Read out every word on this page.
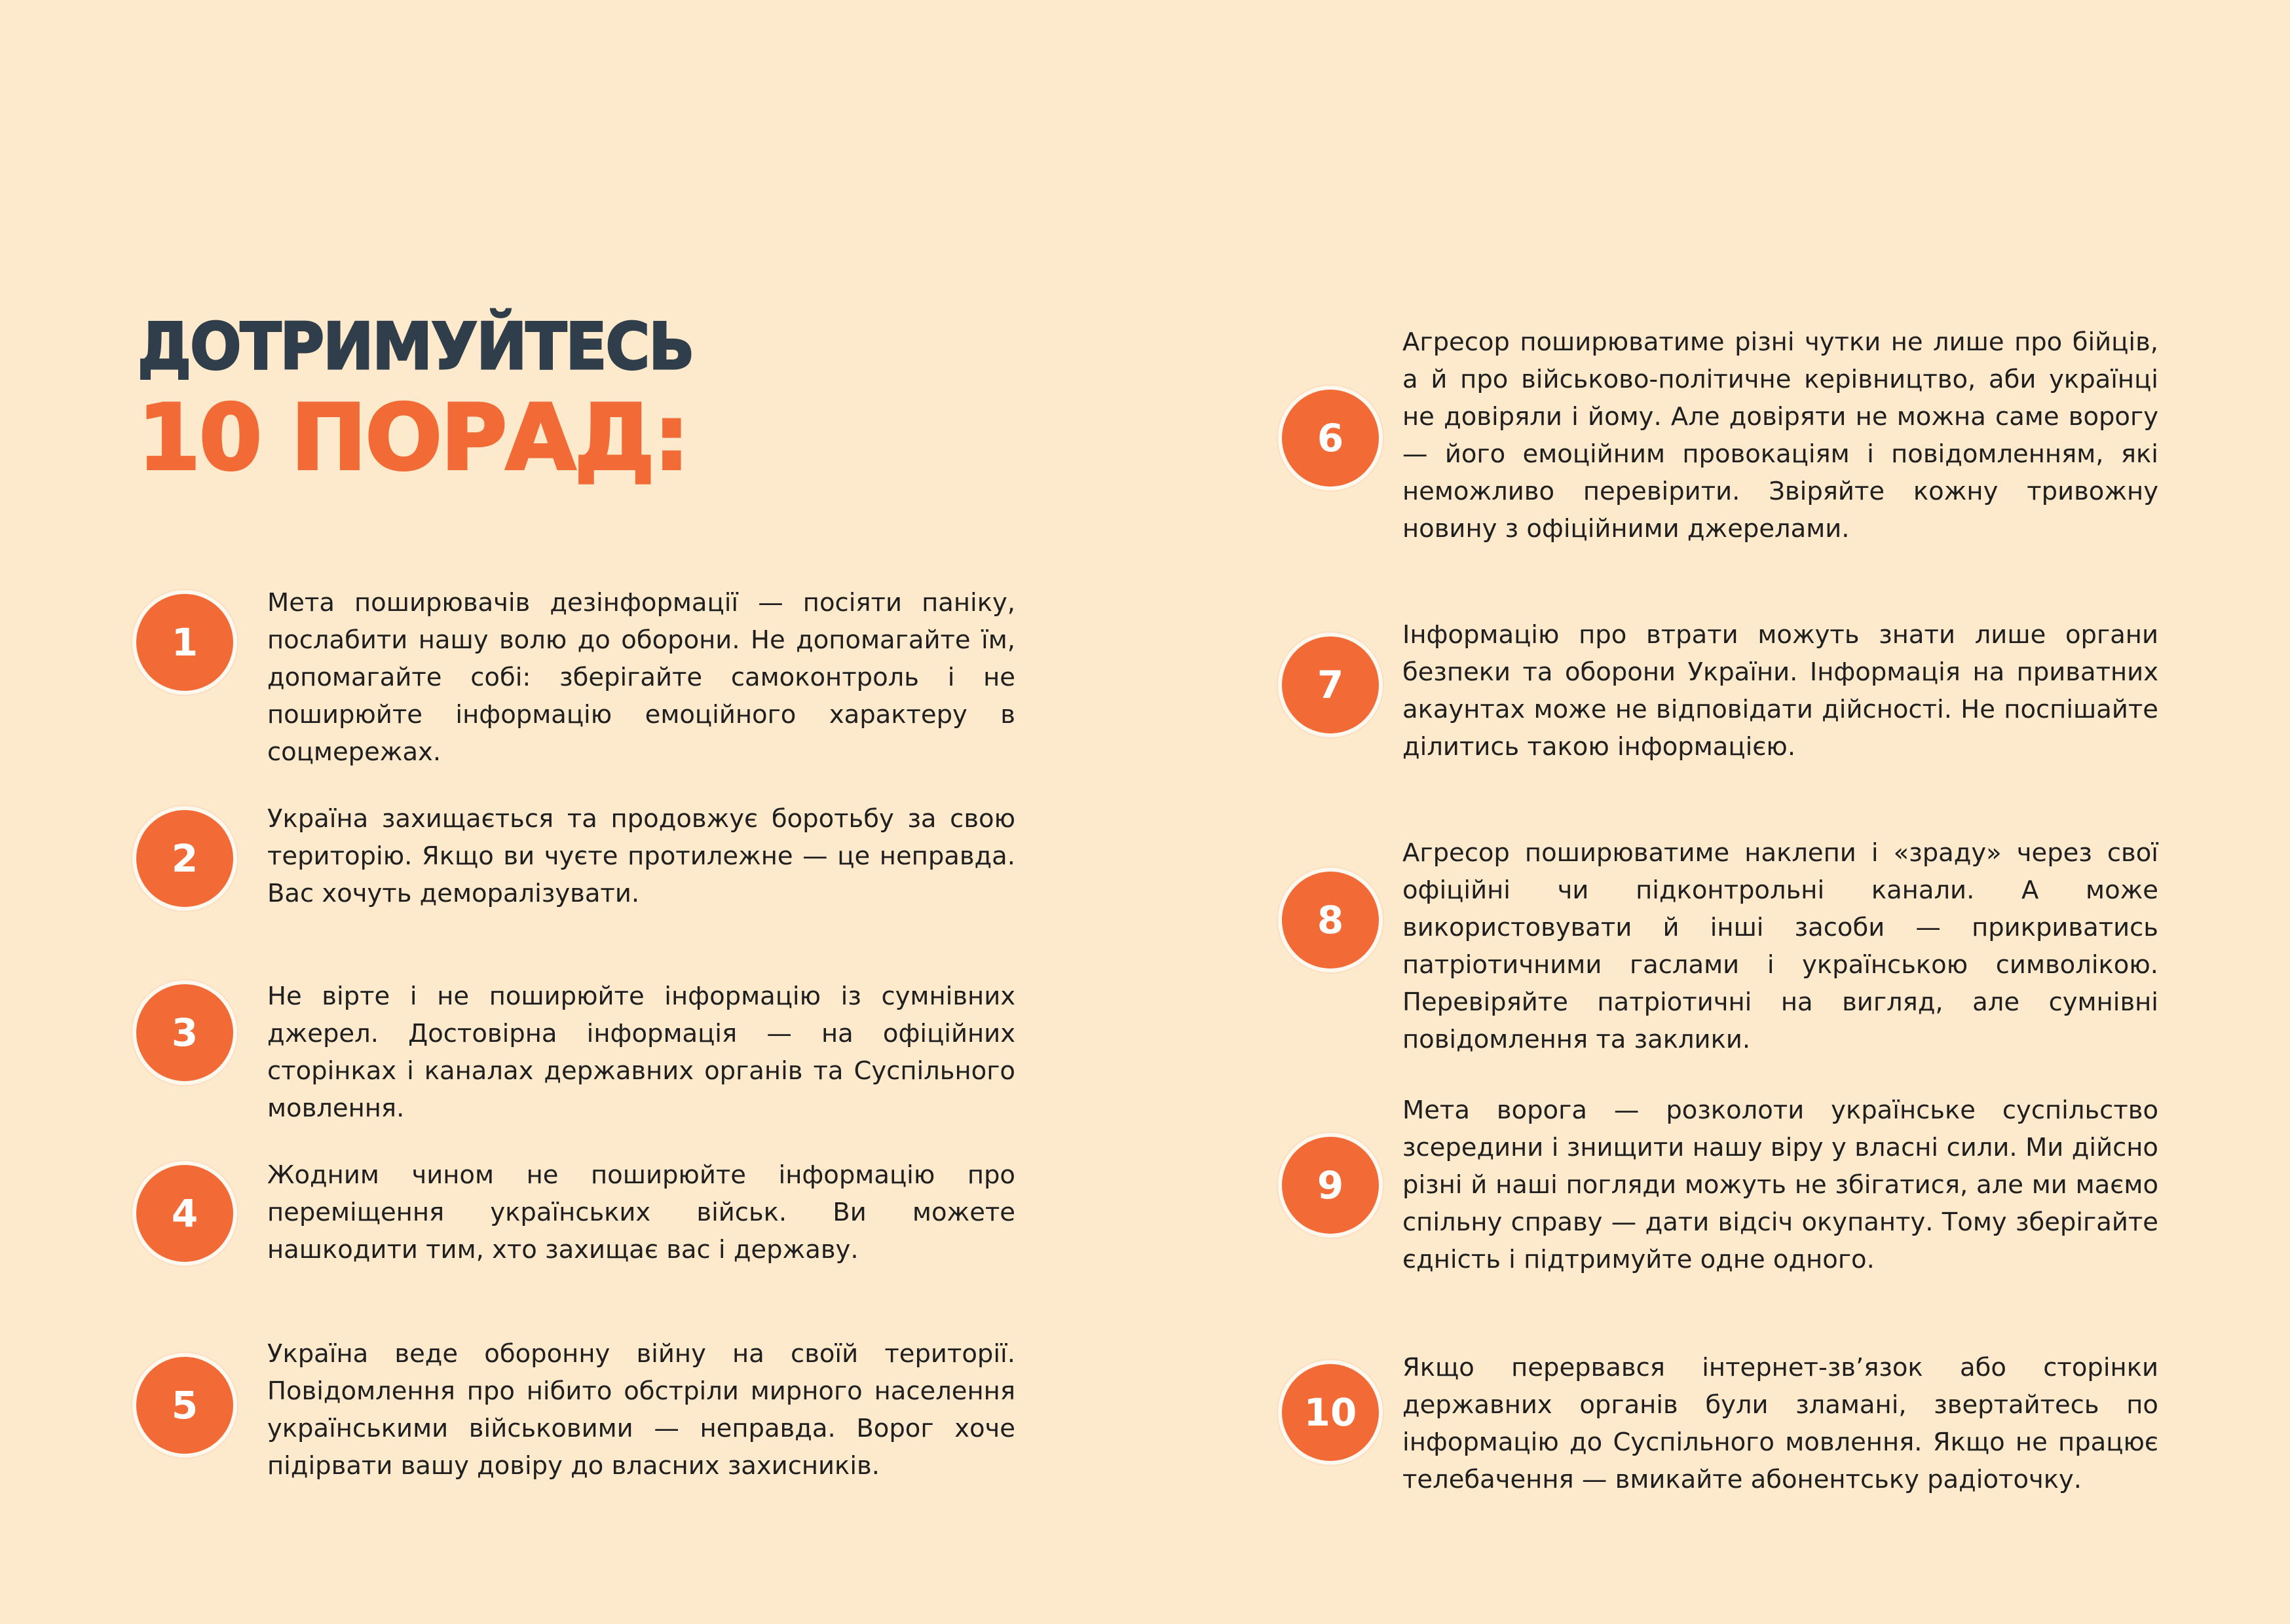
ДОТРИМУЙТЕСЬ
10 ПОРАД:
1

Мета поширювачів дезінформації — посіяти паніку, послабити нашу волю до оборони. Не допомагайте їм, допомагайте собі: зберігайте самоконтроль і не поширюйте інформацію емоційного характеру в соцмережах.

2

Україна захищається та продовжує боротьбу за свою територію. Якщо ви чуєте протилежне — це неправда. Вас хочуть деморалізувати.

3

Не вірте і не поширюйте інформацію із сумнівних джерел. Достовірна інформація — на офіційних сторінках і каналах державних органів та Суспільного мовлення.

4

Жодним чином не поширюйте інформацію про переміщення українських військ. Ви можете нашкодити тим, хто захищає вас і державу.

5

Україна веде оборонну війну на своїй території. Повідомлення про нібито обстріли мирного населення українськими військовими — неправда. Ворог хоче підірвати вашу довіру до власних захисників.

6

Агресор поширюватиме різні чутки не лише про бійців, а й про військово-політичне керівництво, аби українці не довіряли і йому. Але довіряти не можна саме ворогу — його емоційним провокаціям і повідомленням, які неможливо перевірити. Звіряйте кожну тривожну новину з офіційними джерелами.

7

Інформацію про втрати можуть знати лише органи безпеки та оборони України. Інформація на приватних акаунтах може не відповідати дійсності. Не поспішайте ділитись такою інформацією.

8

Агресор поширюватиме наклепи і «зраду» через свої офіційні чи підконтрольні канали. А може використовувати й інші засоби — прикриватись патріотичними гаслами і українською символікою. Перевіряйте патріотичні на вигляд, але сумнівні повідомлення та заклики.

9

Мета ворога — розколоти українське суспільство зсередини і знищити нашу віру у власні сили. Ми дійсно різні й наші погляди можуть не збігатися, але ми маємо спільну справу — дати відсіч окупанту. Тому зберігайте єдність і підтримуйте одне одного.

10

Якщо перервався інтернет-зв’язок або сторінки державних органів були зламані, звертайтесь по інформацію до Суспільного мовлення. Якщо не працює телебачення — вмикайте абонентську радіоточку.
